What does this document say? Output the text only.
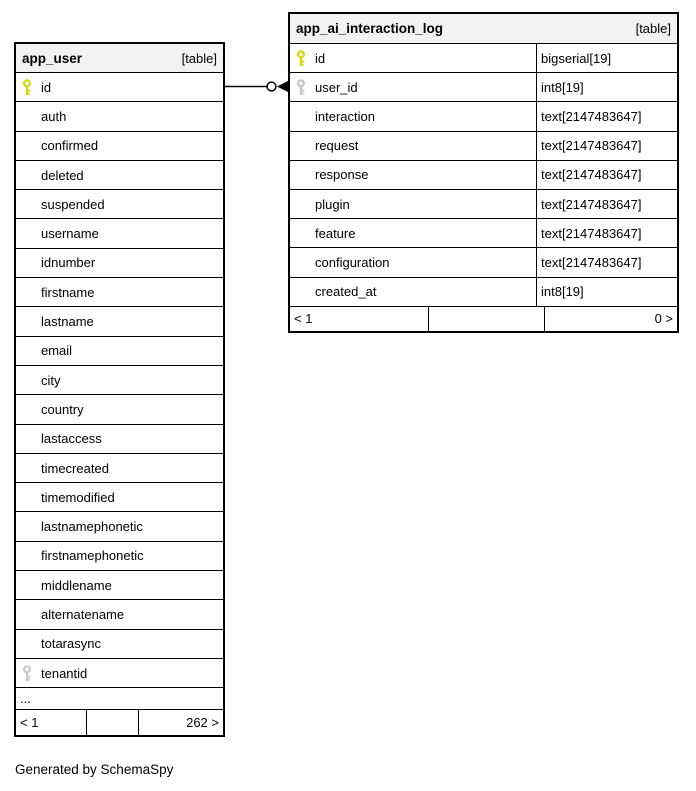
app_user	[table]
id
auth
confirmed
deleted
suspended
username
idnumber
firstname
lastname
email
city
country
lastaccess
timecreated
timemodified
lastnamephonetic
firstnamephonetic
middlename
alternatename
totarasync
tenantid
...
< 1	262 >
app_ai_interaction_log	[table]
id	bigserial[19]
user_id	int8[19]
interaction	text[2147483647]
request	text[2147483647]
response	text[2147483647]
plugin	text[2147483647]
feature	text[2147483647]
configuration	text[2147483647]
created_at	int8[19]
< 1	0 >
Generated by SchemaSpy
